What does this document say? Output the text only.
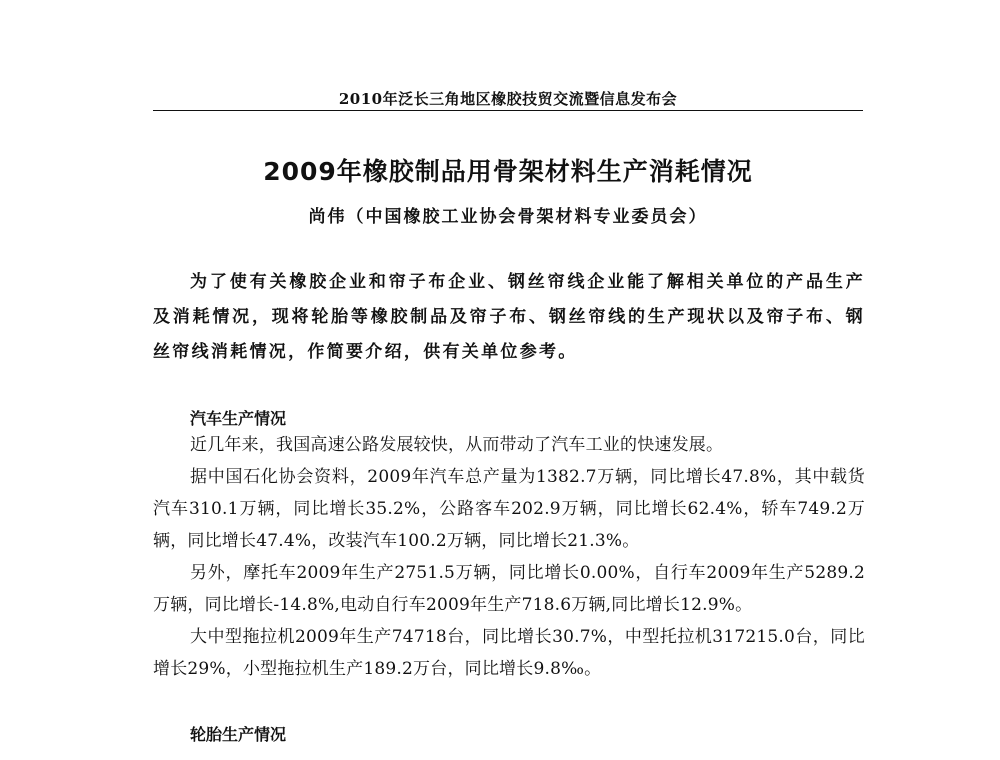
2010年泛长三角地区橡胶技贸交流暨信息发布会
2009年橡胶制品用骨架材料生产消耗情况
尚伟（中国橡胶工业协会骨架材料专业委员会）

为了使有关橡胶企业和帘子布企业、钢丝帘线企业能了解相关单位的产品生产及消耗情况，现将轮胎等橡胶制品及帘子布、钢丝帘线的生产现状以及帘子布、钢丝帘线消耗情况，作简要介绍，供有关单位参考。

汽车生产情况

近几年来，我国高速公路发展较快，从而带动了汽车工业的快速发展。

据中国石化协会资料，2009年汽车总产量为1382.7万辆，同比增长47.8%，其中载货汽车310.1万辆，同比增长35.2%，公路客车202.9万辆，同比增长62.4%，轿车749.2万辆，同比增长47.4%，改装汽车100.2万辆，同比增长21.3%。

另外，摩托车2009年生产2751.5万辆，同比增长0.00%，自行车2009年生产5289.2万辆，同比增长-14.8%,电动自行车2009年生产718.6万辆,同比增长12.9%。

大中型拖拉机2009年生产74718台，同比增长30.7%，中型托拉机317215.0台，同比增长29%，小型拖拉机生产189.2万台，同比增长9.8‰。

轮胎生产情况
